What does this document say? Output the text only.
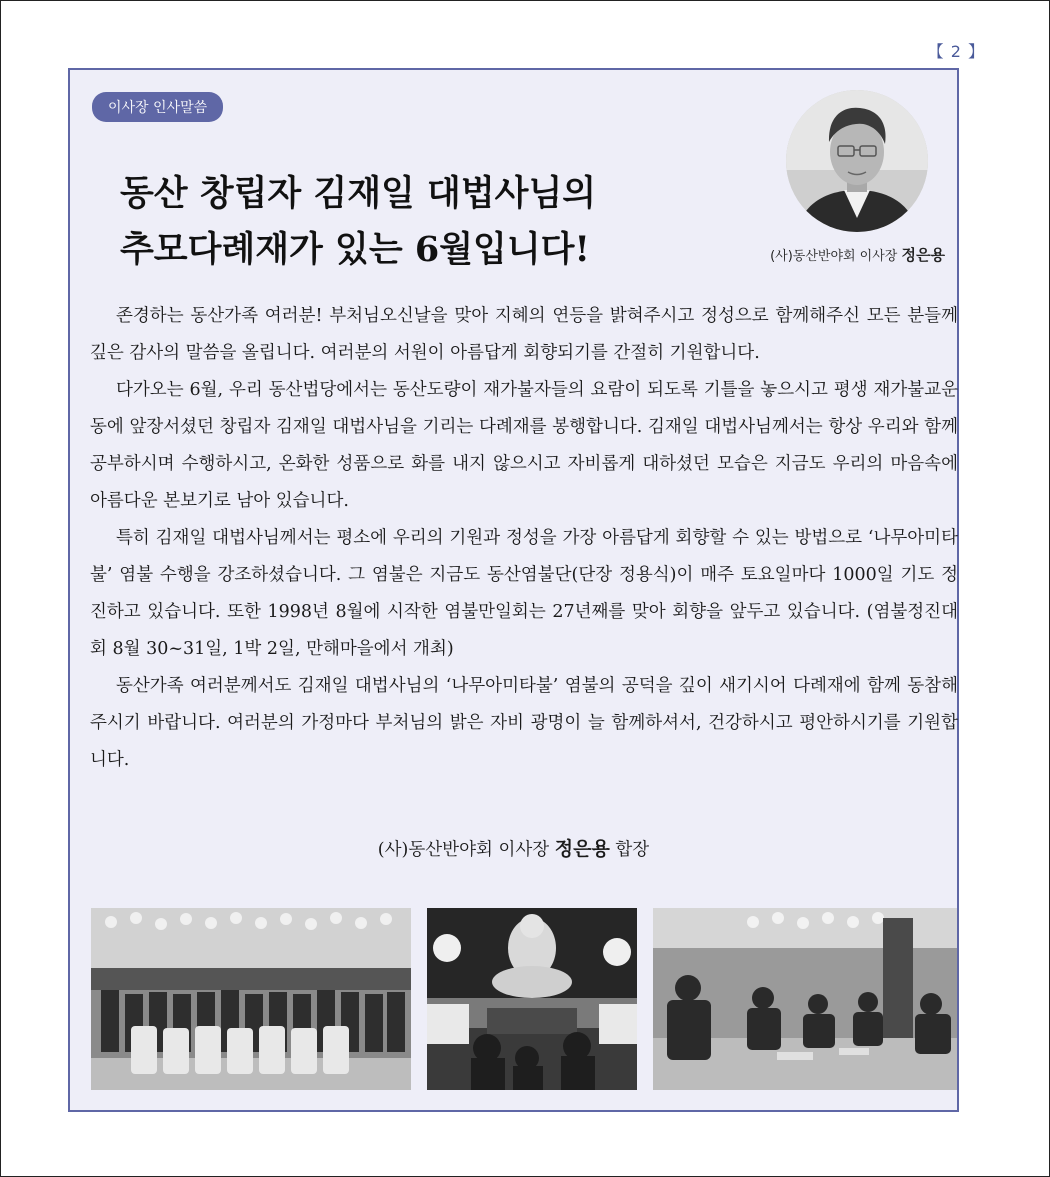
【 2 】
이사장 인사말씀
동산 창립자 김재일 대법사님의
추모다례재가 있는 6월입니다!	(사)동산반야회 이사장 정은용

존경하는 동산가족 여러분! 부처님오신날을 맞아 지혜의 연등을 밝혀주시고 정성으로 함께해주신 모든 분들께 깊은 감사의 말씀을 올립니다. 여러분의 서원이 아름답게 회향되기를 간절히 기원합니다.

다가오는 6월, 우리 동산법당에서는 동산도량이 재가불자들의 요람이 되도록 기틀을 놓으시고 평생 재가불교운동에 앞장서셨던 창립자 김재일 대법사님을 기리는 다례재를 봉행합니다. 김재일 대법사님께서는 항상 우리와 함께 공부하시며 수행하시고, 온화한 성품으로 화를 내지 않으시고 자비롭게 대하셨던 모습은 지금도 우리의 마음속에 아름다운 본보기로 남아 있습니다.

특히 김재일 대법사님께서는 평소에 우리의 기원과 정성을 가장 아름답게 회향할 수 있는 방법으로 ‘나무아미타불’ 염불 수행을 강조하셨습니다. 그 염불은 지금도 동산염불단(단장 정용식)이 매주 토요일마다 1000일 기도 정진하고 있습니다. 또한 1998년 8월에 시작한 염불만일회는 27년째를 맞아 회향을 앞두고 있습니다. (염불정진대회 8월 30~31일, 1박 2일, 만해마을에서 개최)

동산가족 여러분께서도 김재일 대법사님의 ‘나무아미타불’ 염불의 공덕을 깊이 새기시어 다례재에 함께 동참해주시기 바랍니다. 여러분의 가정마다 부처님의 밝은 자비 광명이 늘 함께하셔서, 건강하시고 평안하시기를 기원합니다.

(사)동산반야회 이사장 정은용 합장
